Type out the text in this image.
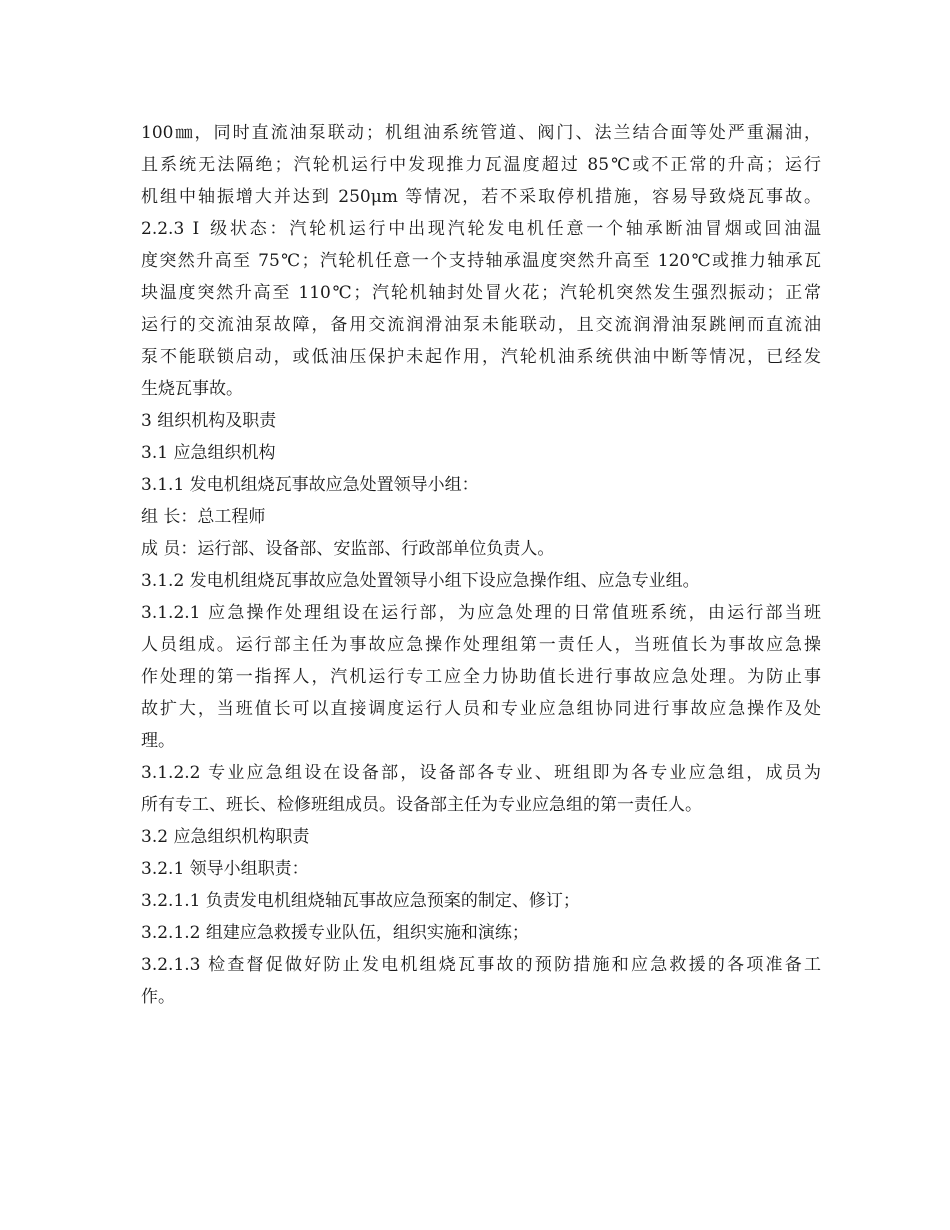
100㎜，同时直流油泵联动；机组油系统管道、阀门、法兰结合面等处严重漏油，
且系统无法隔绝；汽轮机运行中发现推力瓦温度超过 85℃或不正常的升高；运行
机组中轴振增大并达到 250μm 等情况，若不采取停机措施，容易导致烧瓦事故。
2.2.3 Ⅰ 级状态：汽轮机运行中出现汽轮发电机任意一个轴承断油冒烟或回油温
度突然升高至 75℃；汽轮机任意一个支持轴承温度突然升高至 120℃或推力轴承瓦
块温度突然升高至 110℃；汽轮机轴封处冒火花；汽轮机突然发生强烈振动；正常
运行的交流油泵故障，备用交流润滑油泵未能联动，且交流润滑油泵跳闸而直流油
泵不能联锁启动，或低油压保护未起作用，汽轮机油系统供油中断等情况，已经发
生烧瓦事故。
3 组织机构及职责
3.1 应急组织机构
3.1.1 发电机组烧瓦事故应急处置领导小组：
组 长：总工程师
成 员：运行部、设备部、安监部、行政部单位负责人。
3.1.2 发电机组烧瓦事故应急处置领导小组下设应急操作组、应急专业组。
3.1.2.1 应急操作处理组设在运行部，为应急处理的日常值班系统，由运行部当班
人员组成。运行部主任为事故应急操作处理组第一责任人，当班值长为事故应急操
作处理的第一指挥人，汽机运行专工应全力协助值长进行事故应急处理。为防止事
故扩大，当班值长可以直接调度运行人员和专业应急组协同进行事故应急操作及处
理。
3.1.2.2 专业应急组设在设备部，设备部各专业、班组即为各专业应急组，成员为
所有专工、班长、检修班组成员。设备部主任为专业应急组的第一责任人。
3.2 应急组织机构职责
3.2.1 领导小组职责：
3.2.1.1 负责发电机组烧轴瓦事故应急预案的制定、修订；
3.2.1.2 组建应急救援专业队伍，组织实施和演练；
3.2.1.3 检查督促做好防止发电机组烧瓦事故的预防措施和应急救援的各项准备工
作。
